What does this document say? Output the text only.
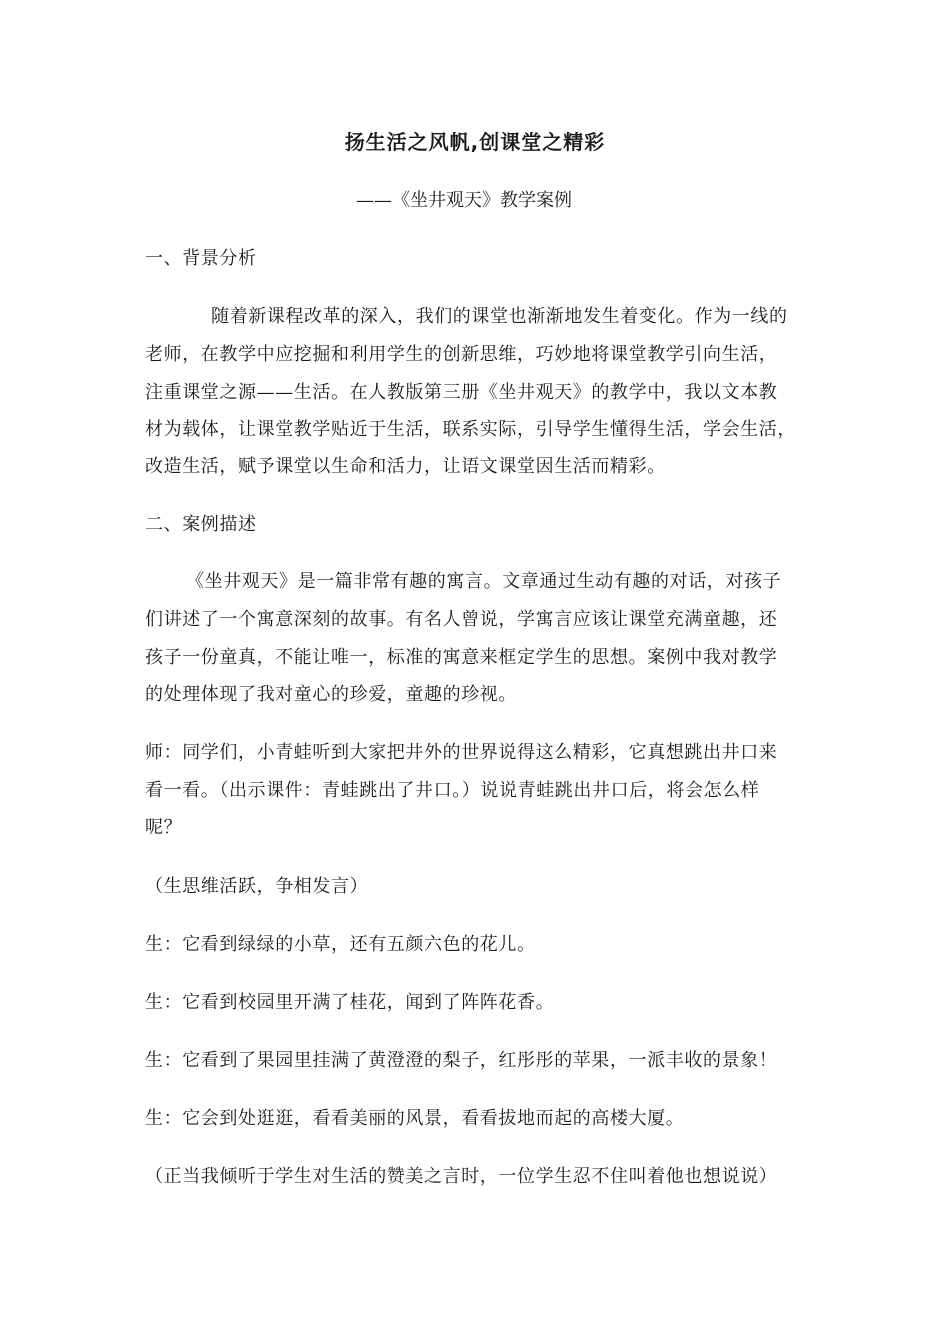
扬生活之风帆,创课堂之精彩
——《坐井观天》教学案例
一、背景分析
随着新课程改革的深入，我们的课堂也渐渐地发生着变化。作为一线的
老师，在教学中应挖掘和利用学生的创新思维，巧妙地将课堂教学引向生活，
注重课堂之源——生活。在人教版第三册《坐井观天》的教学中，我以文本教
材为载体，让课堂教学贴近于生活，联系实际，引导学生懂得生活，学会生活，
改造生活，赋予课堂以生命和活力，让语文课堂因生活而精彩。
二、案例描述
《坐井观天》是一篇非常有趣的寓言。文章通过生动有趣的对话，对孩子
们讲述了一个寓意深刻的故事。有名人曾说，学寓言应该让课堂充满童趣，还
孩子一份童真，不能让唯一，标准的寓意来框定学生的思想。案例中我对教学
的处理体现了我对童心的珍爱，童趣的珍视。
师：同学们，小青蛙听到大家把井外的世界说得这么精彩，它真想跳出井口来
看一看。（出示课件：青蛙跳出了井口。）说说青蛙跳出井口后，将会怎么样
呢？
（生思维活跃，争相发言）
生：它看到绿绿的小草，还有五颜六色的花儿。
生：它看到校园里开满了桂花，闻到了阵阵花香。
生：它看到了果园里挂满了黄澄澄的梨子，红彤彤的苹果，一派丰收的景象！
生：它会到处逛逛，看看美丽的风景，看看拔地而起的高楼大厦。
（正当我倾听于学生对生活的赞美之言时，一位学生忍不住叫着他也想说说）
